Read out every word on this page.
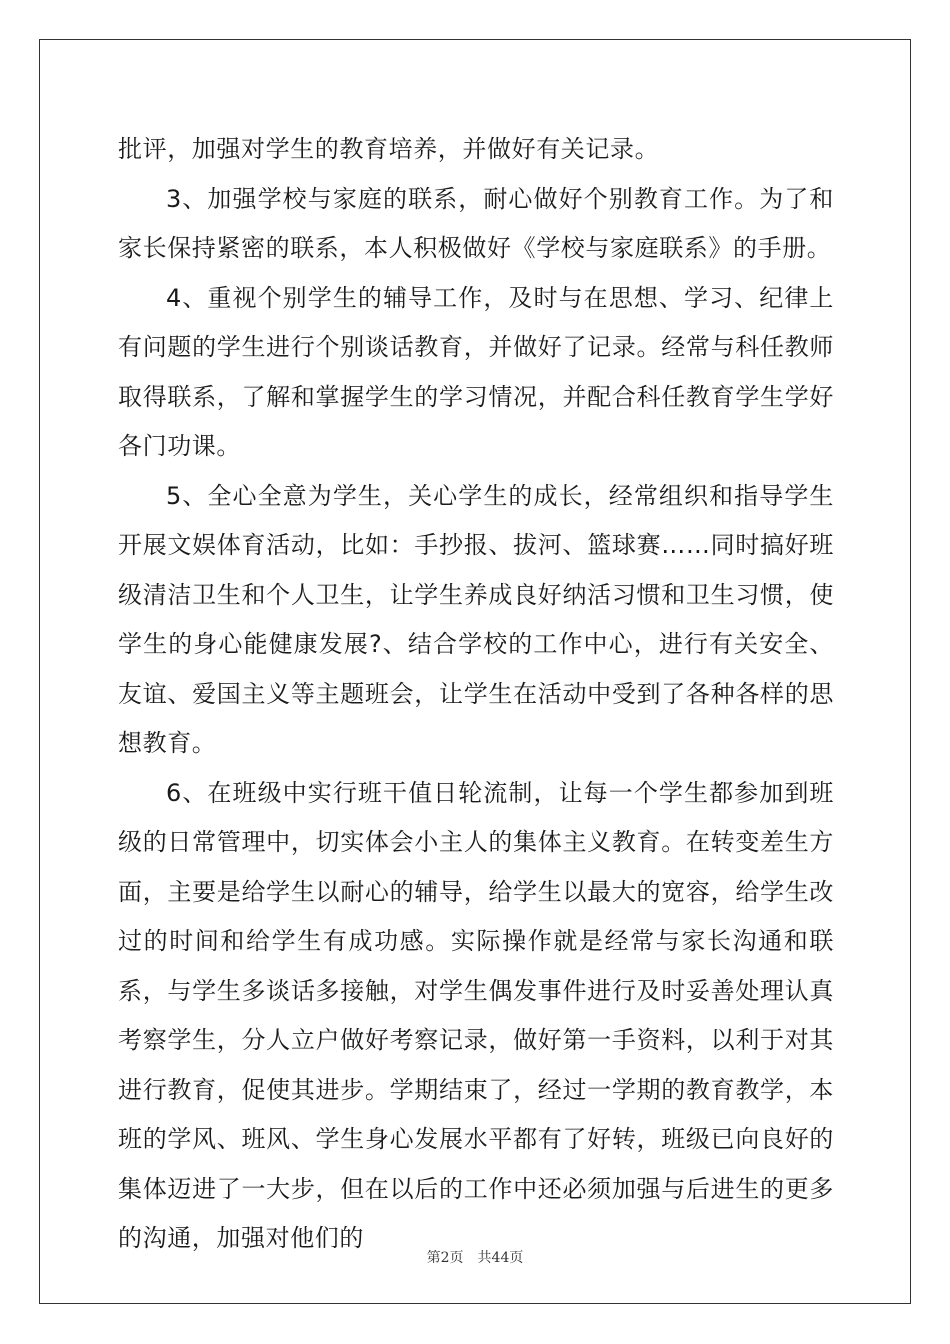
批评，加强对学生的教育培养，并做好有关记录。

3、加强学校与家庭的联系，耐心做好个别教育工作。为了和家长保持紧密的联系，本人积极做好《学校与家庭联系》的手册。

4、重视个别学生的辅导工作，及时与在思想、学习、纪律上有问题的学生进行个别谈话教育，并做好了记录。经常与科任教师取得联系，了解和掌握学生的学习情况，并配合科任教育学生学好各门功课。

5、全心全意为学生，关心学生的成长，经常组织和指导学生开展文娱体育活动，比如：手抄报、拔河、篮球赛……同时搞好班级清洁卫生和个人卫生，让学生养成良好纳活习惯和卫生习惯，使学生的身心能健康发展?、结合学校的工作中心，进行有关安全、友谊、爱国主义等主题班会，让学生在活动中受到了各种各样的思想教育。

6、在班级中实行班干值日轮流制，让每一个学生都参加到班级的日常管理中，切实体会小主人的集体主义教育。在转变差生方面，主要是给学生以耐心的辅导，给学生以最大的宽容，给学生改过的时间和给学生有成功感。实际操作就是经常与家长沟通和联系，与学生多谈话多接触，对学生偶发事件进行及时妥善处理认真考察学生，分人立户做好考察记录，做好第一手资料，以利于对其进行教育，促使其进步。学期结束了，经过一学期的教育教学，本班的学风、班风、学生身心发展水平都有了好转，班级已向良好的集体迈进了一大步，但在以后的工作中还必须加强与后进生的更多的沟通，加强对他们的

第2页 共44页
